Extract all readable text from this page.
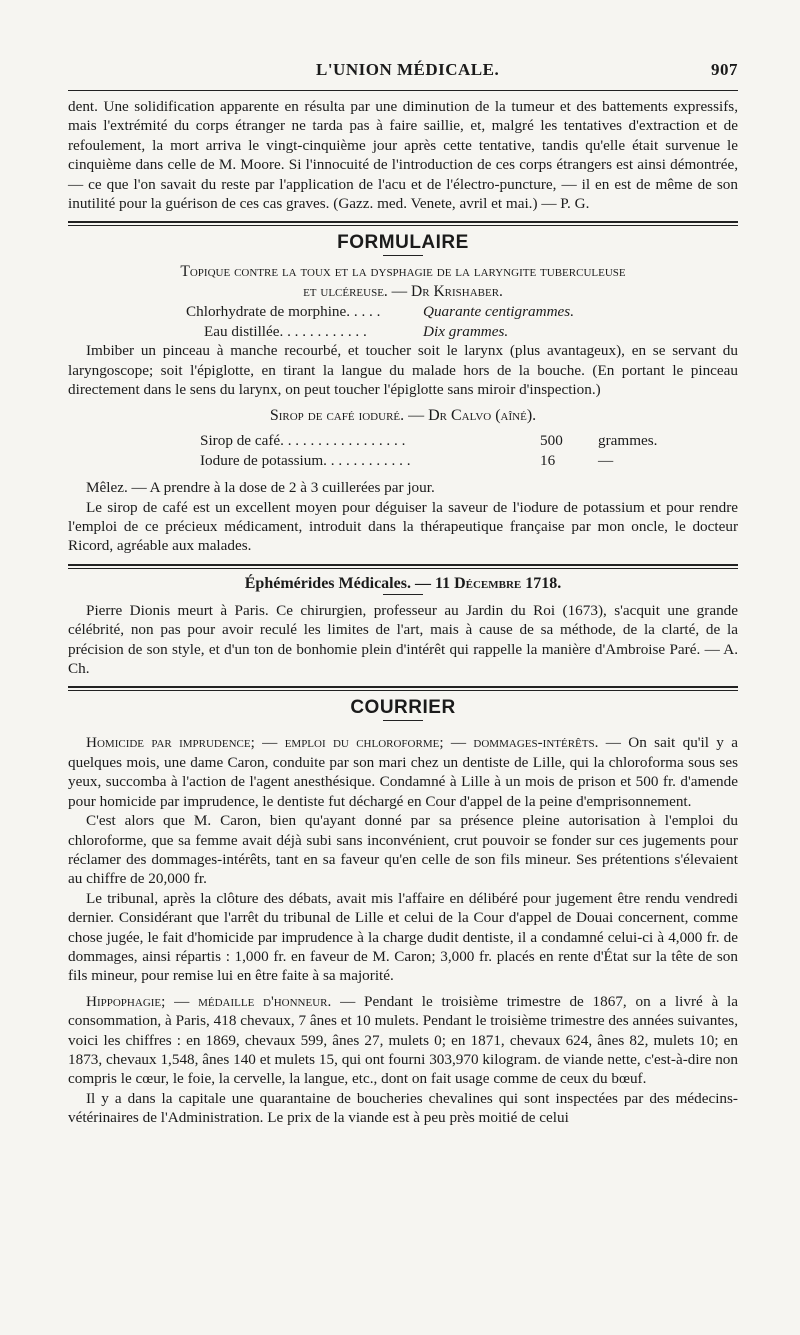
L'UNION MÉDICALE.	907

dent. Une solidification apparente en résulta par une diminution de la tumeur et des battements expressifs, mais l'extrémité du corps étranger ne tarda pas à faire saillie, et, malgré les tentatives d'extraction et de refoulement, la mort arriva le vingt-cinquième jour après cette tentative, tandis qu'elle était survenue le cinquième dans celle de M. Moore. Si l'innocuité de l'introduction de ces corps étrangers est ainsi démontrée, — ce que l'on savait du reste par l'application de l'acu et de l'électro-puncture, — il en est de même de son inutilité pour la guérison de ces cas graves. (Gazz. med. Venete, avril et mai.) — P. G.

FORMULAIRE
Topique contre la toux et la dysphagie de la laryngite tuberculeuse
et ulcéreuse. — Dr Krishaber.
Chlorhydrate de morphine. . . . .	Quarante centigrammes.
Eau distillée. . . . . . . . . . . .	Dix grammes.

Imbiber un pinceau à manche recourbé, et toucher soit le larynx (plus avantageux), en se servant du laryngoscope; soit l'épiglotte, en tirant la langue du malade hors de la bouche. (En portant le pinceau directement dans le sens du larynx, on peut toucher l'épiglotte sans miroir d'inspection.)

Sirop de café ioduré. — Dr Calvo (aîné).
Sirop de café. . . . . . . . . . . . . . . . .	500 grammes.
Iodure de potassium. . . . . . . . . . . .	16	—

Mêlez. — A prendre à la dose de 2 à 3 cuillerées par jour.

Le sirop de café est un excellent moyen pour déguiser la saveur de l'iodure de potassium et pour rendre l'emploi de ce précieux médicament, introduit dans la thérapeutique française par mon oncle, le docteur Ricord, agréable aux malades.

Éphémérides Médicales. — 11 Décembre 1718.

Pierre Dionis meurt à Paris. Ce chirurgien, professeur au Jardin du Roi (1673), s'acquit une grande célébrité, non pas pour avoir reculé les limites de l'art, mais à cause de sa méthode, de la clarté, de la précision de son style, et d'un ton de bonhomie plein d'intérêt qui rappelle la manière d'Ambroise Paré. — A. Ch.

COURRIER

Homicide par imprudence; — emploi du chloroforme; — dommages-intérêts. — On sait qu'il y a quelques mois, une dame Caron, conduite par son mari chez un dentiste de Lille, qui la chloroforma sous ses yeux, succomba à l'action de l'agent anesthésique. Condamné à Lille à un mois de prison et 500 fr. d'amende pour homicide par imprudence, le dentiste fut déchargé en Cour d'appel de la peine d'emprisonnement.

C'est alors que M. Caron, bien qu'ayant donné par sa présence pleine autorisation à l'emploi du chloroforme, que sa femme avait déjà subi sans inconvénient, crut pouvoir se fonder sur ces jugements pour réclamer des dommages-intérêts, tant en sa faveur qu'en celle de son fils mineur. Ses prétentions s'élevaient au chiffre de 20,000 fr.

Le tribunal, après la clôture des débats, avait mis l'affaire en délibéré pour jugement être rendu vendredi dernier. Considérant que l'arrêt du tribunal de Lille et celui de la Cour d'appel de Douai concernent, comme chose jugée, le fait d'homicide par imprudence à la charge dudit dentiste, il a condamné celui-ci à 4,000 fr. de dommages, ainsi répartis : 1,000 fr. en faveur de M. Caron; 3,000 fr. placés en rente d'État sur la tête de son fils mineur, pour remise lui en être faite à sa majorité.

Hippophagie; — médaille d'honneur. — Pendant le troisième trimestre de 1867, on a livré à la consommation, à Paris, 418 chevaux, 7 ânes et 10 mulets. Pendant le troisième trimestre des années suivantes, voici les chiffres : en 1869, chevaux 599, ânes 27, mulets 0; en 1871, chevaux 624, ânes 82, mulets 10; en 1873, chevaux 1,548, ânes 140 et mulets 15, qui ont fourni 303,970 kilogram. de viande nette, c'est-à-dire non compris le cœur, le foie, la cervelle, la langue, etc., dont on fait usage comme de ceux du bœuf.

Il y a dans la capitale une quarantaine de boucheries chevalines qui sont inspectées par des médecins-vétérinaires de l'Administration. Le prix de la viande est à peu près moitié de celui
